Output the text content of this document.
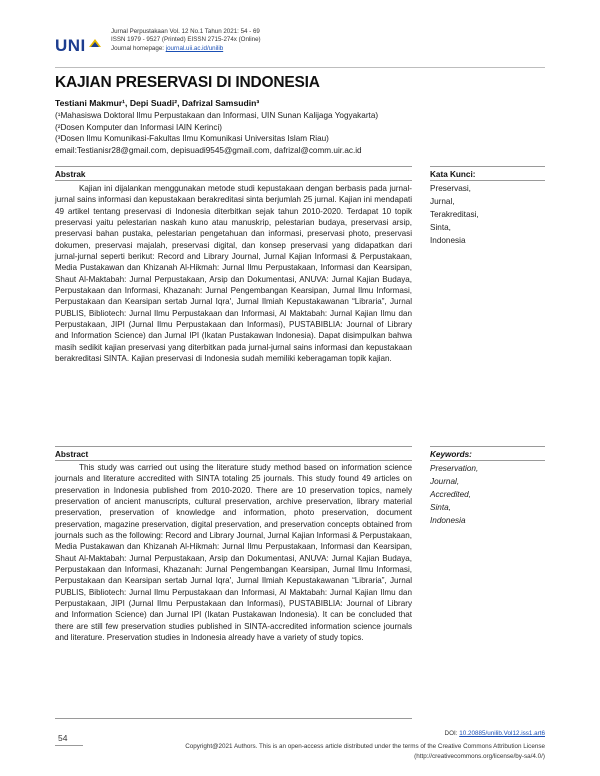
UNI
Jurnal Perpustakaan Vol. 12 No.1 Tahun 2021: 54 - 69
ISSN 1979 - 9527 (Printed) EISSN 2715-274x (Online)
Journal homepage: journal.uii.ac.id/unilib
KAJIAN PRESERVASI DI INDONESIA
Testiani Makmur¹, Depi Suadi², Dafrizal Samsudin³
(¹Mahasiswa Doktoral Ilmu Perpustakaan dan Informasi, UIN Sunan Kalijaga Yogyakarta)
(²Dosen Komputer dan Informasi IAIN Kerinci)
(³Dosen Ilmu Komunikasi-Fakultas Ilmu Komunikasi Universitas Islam Riau)
email:Testianisr28@gmail.com, depisuadi9545@gmail.com, dafrizal@comm.uir.ac.id
Abstrak	Kata Kunci:

Kajian ini dijalankan menggunakan metode studi kepustakaan dengan berbasis pada jurnal-jurnal sains informasi dan kepustakaan berakreditasi sinta berjumlah 25 jurnal. Kajian ini mendapati 49 artikel tentang preservasi di Indonesia diterbitkan sejak tahun 2010-2020. Terdapat 10 topik preservasi yaitu pelestarian naskah kuno atau manuskrip, pelestarian budaya, preservasi arsip, preservasi bahan pustaka, pelestarian pengetahuan dan informasi, preservasi photo, preservasi dokumen, preservasi majalah, preservasi digital, dan konsep preservasi yang didapatkan dari jurnal-jurnal seperti berikut: Record and Library Journal, Jurnal Kajian Informasi & Perpustakaan, Media Pustakawan dan Khizanah Al-Hikmah: Jurnal Ilmu Perpustakaan, Informasi dan Kearsipan, Shaut Al-Maktabah: Jurnal Perpustakaan, Arsip dan Dokumentasi, ANUVA: Jurnal Kajian Budaya, Perpustakaan dan Informasi, Khazanah: Jurnal Pengembangan Kearsipan, Jurnal Ilmu Informasi, Perpustakaan dan Kearsipan sertab Jurnal Iqra', Jurnal Ilmiah Kepustakawanan “Libraria”, Jurnal PUBLIS, Bibliotech: Jurnal Ilmu Perpustakaan dan Informasi, Al Maktabah: Jurnal Kajian Ilmu dan Perpustakaan, JIPI (Jurnal Ilmu Perpustakaan dan Informasi), PUSTABIBLIA: Journal of Library and Information Science) dan Jurnal IPI (Ikatan Pustakawan Indonesia). Dapat disimpulkan bahwa masih sedikit kajian preservasi yang diterbitkan pada jurnal-jurnal sains informasi dan kepustakaan berakreditasi SINTA. Kajian preservasi di Indonesia sudah memiliki keberagaman topik kajian.

Preservasi,
Jurnal,
Terakreditasi,
Sinta,
Indonesia
Abstract	Keywords:

This study was carried out using the literature study method based on information science journals and literature accredited with SINTA totaling 25 journals. This study found 49 articles on preservation in Indonesia published from 2010-2020. There are 10 preservation topics, namely preservation of ancient manuscripts, cultural preservation, archive preservation, library material preservation, preservation of knowledge and information, photo preservation, document preservation, magazine preservation, digital preservation, and preservation concepts obtained from journals such as the following: Record and Library Journal, Jurnal Kajian Informasi & Perpustakaan, Media Pustakawan dan Khizanah Al-Hikmah: Jurnal Ilmu Perpustakaan, Informasi dan Kearsipan, Shaut Al-Maktabah: Jurnal Perpustakaan, Arsip dan Dokumentasi, ANUVA: Jurnal Kajian Budaya, Perpustakaan dan Informasi, Khazanah: Jurnal Pengembangan Kearsipan, Jurnal Ilmu Informasi, Perpustakaan dan Kearsipan sertab Jurnal Iqra', Jurnal Ilmiah Kepustakawanan “Libraria”, Jurnal PUBLIS, Bibliotech: Jurnal Ilmu Perpustakaan dan Informasi, Al Maktabah: Jurnal Kajian Ilmu dan Perpustakaan, JIPI (Jurnal Ilmu Perpustakaan dan Informasi), PUSTABIBLIA: Journal of Library and Information Science) dan Jurnal IPI (Ikatan Pustakawan Indonesia). It can be concluded that there are still few preservation studies published in SINTA-accredited information science journals and literature. Preservation studies in Indonesia already have a variety of study topics.

Preservation,
Journal,
Accredited,
Sinta,
Indonesia
DOI: 10.20885/unilib.Vol12.iss1.art6
54
Copyright@2021 Authors. This is an open-access article distributed under the terms of the Creative Commons Attribution License
(http://creativecommons.org/license/by-sa/4.0/)
